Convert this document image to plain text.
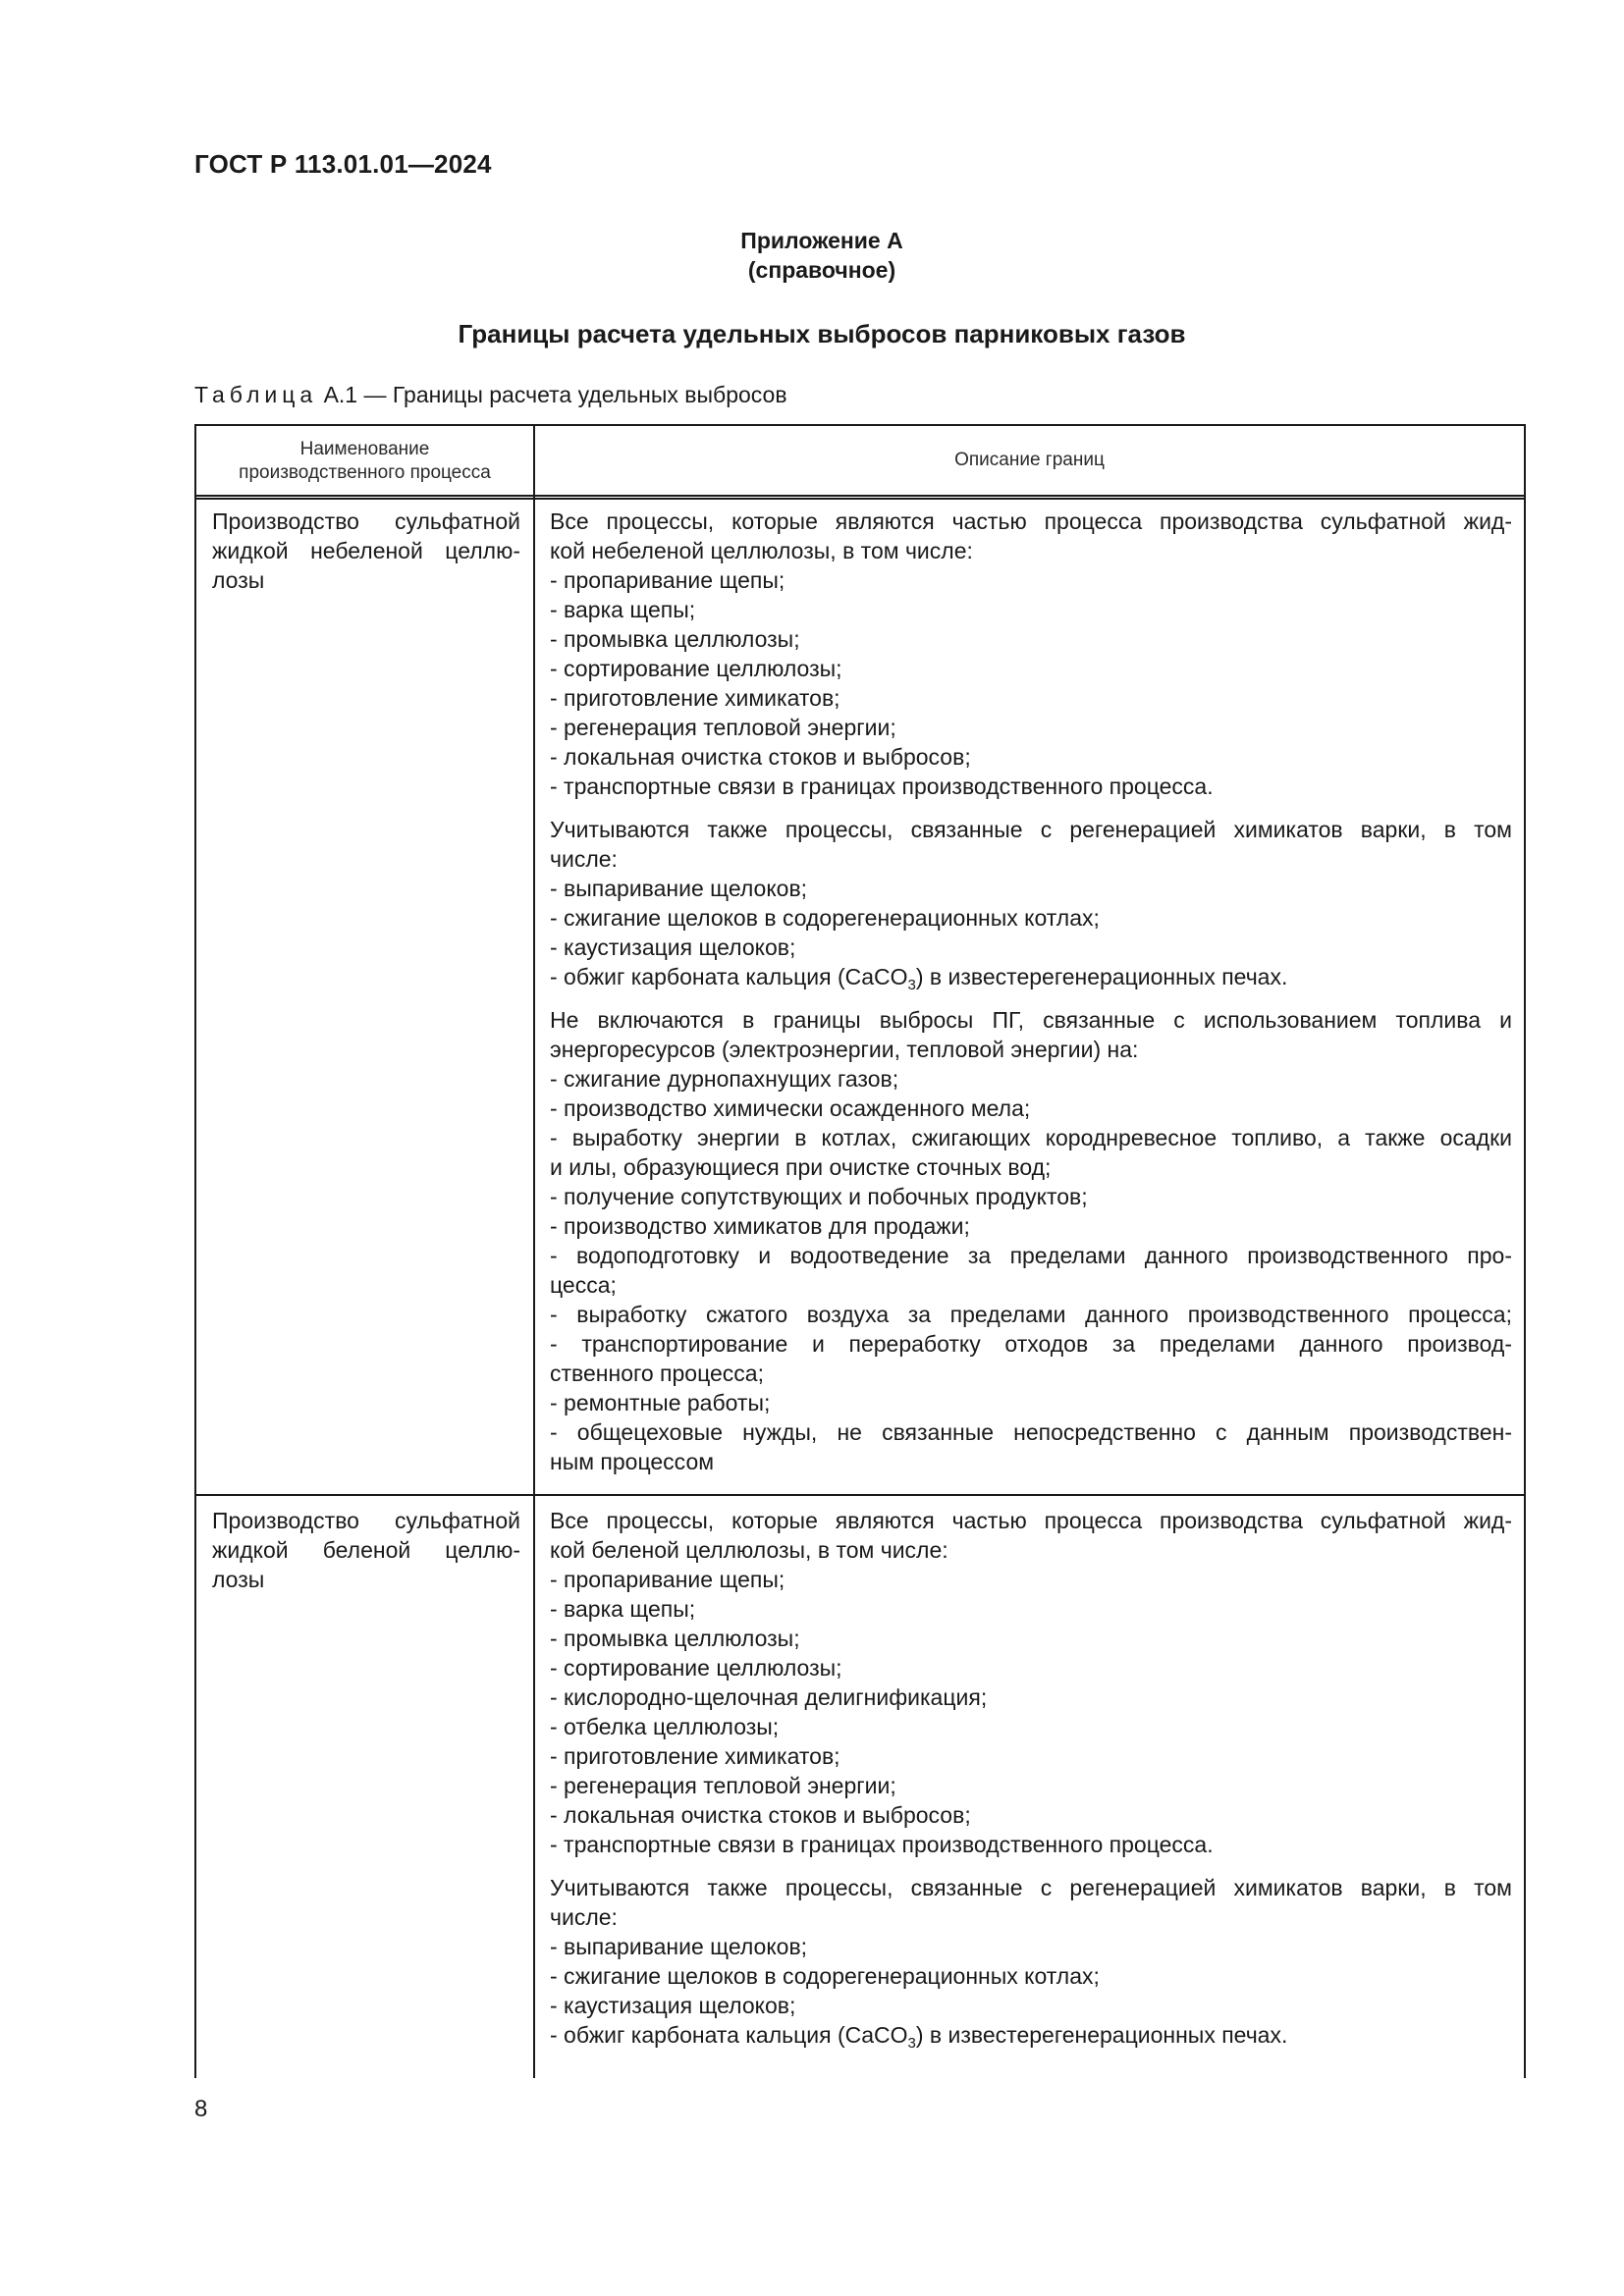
ГОСТ Р 113.01.01—2024
Приложение А
(справочное)
Границы расчета удельных выбросов парниковых газов
Таблица А.1 — Границы расчета удельных выбросов
Наименование
производственного процесса
Описание границ
Производство сульфатной
жидкой небеленой целлю-
лозы
Все процессы, которые являются частью процесса производства сульфатной жид-
кой небеленой целлюлозы, в том числе:
- пропаривание щепы;
- варка щепы;
- промывка целлюлозы;
- сортирование целлюлозы;
- приготовление химикатов;
- регенерация тепловой энергии;
- локальная очистка стоков и выбросов;
- транспортные связи в границах производственного процесса.
Учитываются также процессы, связанные с регенерацией химикатов варки, в том
числе:
- выпаривание щелоков;
- сжигание щелоков в содорегенерационных котлах;
- каустизация щелоков;
- обжиг карбоната кальция (CaCO$_3$) в известерегенерационных печах.
Не включаются в границы выбросы ПГ, связанные с использованием топлива и
энергоресурсов (электроэнергии, тепловой энергии) на:
- сжигание дурнопахнущих газов;
- производство химически осажденного мела;
- выработку энергии в котлах, сжигающих короднревесное топливо, а также осадки
и илы, образующиеся при очистке сточных вод;
- получение сопутствующих и побочных продуктов;
- производство химикатов для продажи;
- водоподготовку и водоотведение за пределами данного производственного про-
цесса;
- выработку сжатого воздуха за пределами данного производственного процесса;
- транспортирование и переработку отходов за пределами данного производ-
ственного процесса;
- ремонтные работы;
- общецеховые нужды, не связанные непосредственно с данным производствен-
ным процессом
Производство сульфатной
жидкой беленой целлю-
лозы
Все процессы, которые являются частью процесса производства сульфатной жид-
кой беленой целлюлозы, в том числе:
- пропаривание щепы;
- варка щепы;
- промывка целлюлозы;
- сортирование целлюлозы;
- кислородно-щелочная делигнификация;
- отбелка целлюлозы;
- приготовление химикатов;
- регенерация тепловой энергии;
- локальная очистка стоков и выбросов;
- транспортные связи в границах производственного процесса.
Учитываются также процессы, связанные с регенерацией химикатов варки, в том
числе:
- выпаривание щелоков;
- сжигание щелоков в содорегенерационных котлах;
- каустизация щелоков;
- обжиг карбоната кальция (CaCO$_3$) в известерегенерационных печах.
8
